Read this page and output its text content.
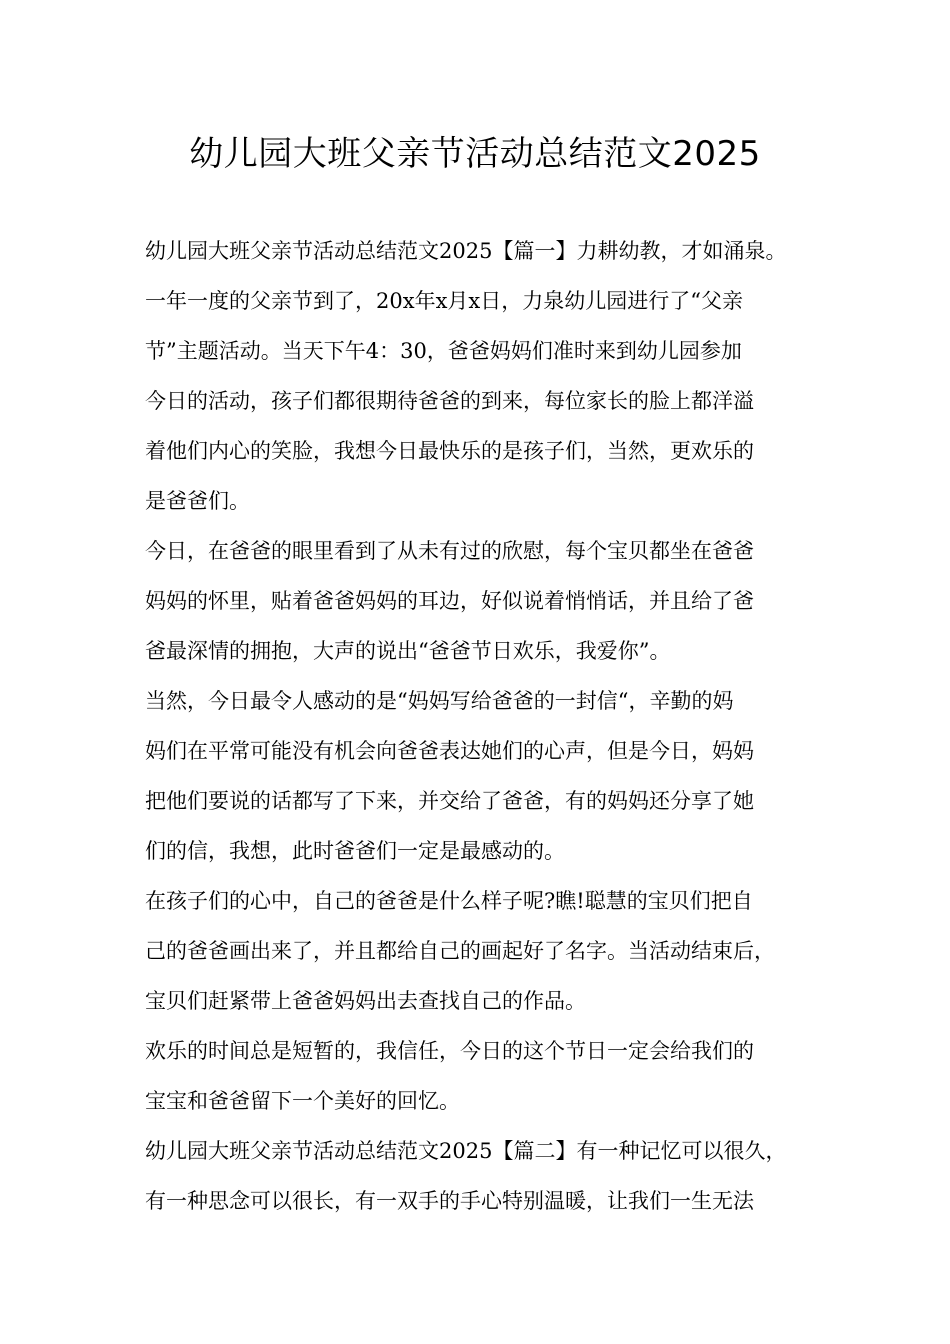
幼儿园大班父亲节活动总结范文2025

幼儿园大班父亲节活动总结范文2025【篇一】力耕幼教，才如涌泉。

一年一度的父亲节到了，20x年x月x日，力泉幼儿园进行了“父亲

节”主题活动。当天下午4：30，爸爸妈妈们准时来到幼儿园参加

今日的活动，孩子们都很期待爸爸的到来，每位家长的脸上都洋溢

着他们内心的笑脸，我想今日最快乐的是孩子们，当然，更欢乐的

是爸爸们。

今日，在爸爸的眼里看到了从未有过的欣慰，每个宝贝都坐在爸爸

妈妈的怀里，贴着爸爸妈妈的耳边，好似说着悄悄话，并且给了爸

爸最深情的拥抱，大声的说出“爸爸节日欢乐，我爱你”。

当然，今日最令人感动的是“妈妈写给爸爸的一封信“，辛勤的妈

妈们在平常可能没有机会向爸爸表达她们的心声，但是今日，妈妈

把他们要说的话都写了下来，并交给了爸爸，有的妈妈还分享了她

们的信，我想，此时爸爸们一定是最感动的。

在孩子们的心中，自己的爸爸是什么样子呢?瞧!聪慧的宝贝们把自

己的爸爸画出来了，并且都给自己的画起好了名字。当活动结束后，

宝贝们赶紧带上爸爸妈妈出去查找自己的作品。

欢乐的时间总是短暂的，我信任，今日的这个节日一定会给我们的

宝宝和爸爸留下一个美好的回忆。

幼儿园大班父亲节活动总结范文2025【篇二】有一种记忆可以很久，

有一种思念可以很长，有一双手的手心特别温暖，让我们一生无法
